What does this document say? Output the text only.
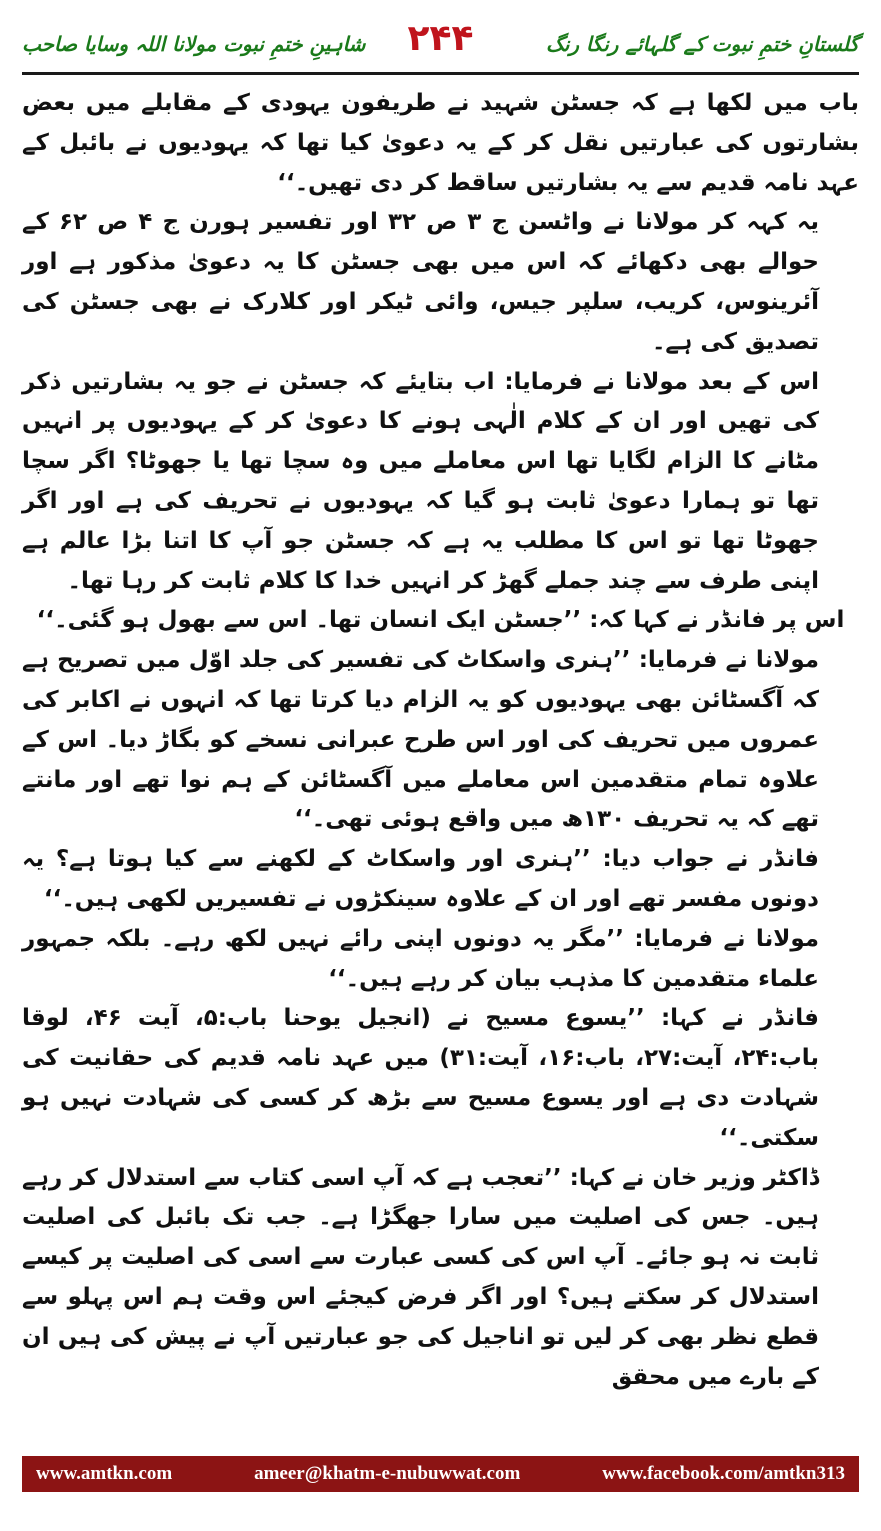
گلستانِ ختمِ نبوت کے گلہائے رنگا رنگ
۲۴۴
شاہینِ ختمِ نبوت مولانا اللہ وسایا صاحب

باب میں لکھا ہے کہ جسٹن شہید نے طریفون یہودی کے مقابلے میں بعض بشارتوں کی عبارتیں نقل کر کے یہ دعویٰ کیا تھا کہ یہودیوں نے بائبل کے عہد نامہ قدیم سے یہ بشارتیں ساقط کر دی تھیں۔‘‘

یہ کہہ کر مولانا نے واٹسن ج ۳ ص ۳۲ اور تفسیر ہورن ج ۴ ص ۶۲ کے حوالے بھی دکھائے کہ اس میں بھی جسٹن کا یہ دعویٰ مذکور ہے اور آئرینوس، کریب، سلپر جیس، وائی ٹیکر اور کلارک نے بھی جسٹن کی تصدیق کی ہے۔

اس کے بعد مولانا نے فرمایا: اب بتایئے کہ جسٹن نے جو یہ بشارتیں ذکر کی تھیں اور ان کے کلام الٰہی ہونے کا دعویٰ کر کے یہودیوں پر انہیں مٹانے کا الزام لگایا تھا اس معاملے میں وہ سچا تھا یا جھوٹا؟ اگر سچا تھا تو ہمارا دعویٰ ثابت ہو گیا کہ یہودیوں نے تحریف کی ہے اور اگر جھوٹا تھا تو اس کا مطلب یہ ہے کہ جسٹن جو آپ کا اتنا بڑا عالم ہے اپنی طرف سے چند جملے گھڑ کر انہیں خدا کا کلام ثابت کر رہا تھا۔

اس پر فانڈر نے کہا کہ: ’’جسٹن ایک انسان تھا۔ اس سے بھول ہو گئی۔‘‘

مولانا نے فرمایا: ’’ہنری واسکاٹ کی تفسیر کی جلد اوّل میں تصریح ہے کہ آگسٹائن بھی یہودیوں کو یہ الزام دیا کرتا تھا کہ انہوں نے اکابر کی عمروں میں تحریف کی اور اس طرح عبرانی نسخے کو بگاڑ دیا۔ اس کے علاوہ تمام متقدمین اس معاملے میں آگسٹائن کے ہم نوا تھے اور مانتے تھے کہ یہ تحریف ۱۳۰ھ میں واقع ہوئی تھی۔‘‘

فانڈر نے جواب دیا: ’’ہنری اور واسکاٹ کے لکھنے سے کیا ہوتا ہے؟ یہ دونوں مفسر تھے اور ان کے علاوہ سینکڑوں نے تفسیریں لکھی ہیں۔‘‘

مولانا نے فرمایا: ’’مگر یہ دونوں اپنی رائے نہیں لکھ رہے۔ بلکہ جمہور علماء متقدمین کا مذہب بیان کر رہے ہیں۔‘‘

فانڈر نے کہا: ’’یسوع مسیح نے (انجیل یوحنا باب:۵، آیت ۴۶، لوقا باب:۲۴، آیت:۲۷، باب:۱۶، آیت:۳۱) میں عہد نامہ قدیم کی حقانیت کی شہادت دی ہے اور یسوع مسیح سے بڑھ کر کسی کی شہادت نہیں ہو سکتی۔‘‘

ڈاکٹر وزیر خان نے کہا: ’’تعجب ہے کہ آپ اسی کتاب سے استدلال کر رہے ہیں۔ جس کی اصلیت میں سارا جھگڑا ہے۔ جب تک بائبل کی اصلیت ثابت نہ ہو جائے۔ آپ اس کی کسی عبارت سے اسی کی اصلیت پر کیسے استدلال کر سکتے ہیں؟ اور اگر فرض کیجئے اس وقت ہم اس پہلو سے قطع نظر بھی کر لیں تو اناجیل کی جو عبارتیں آپ نے پیش کی ہیں ان کے بارے میں محقق

www.amtkn.com	ameer@khatm-e-nubuwwat.com	www.facebook.com/amtkn313
